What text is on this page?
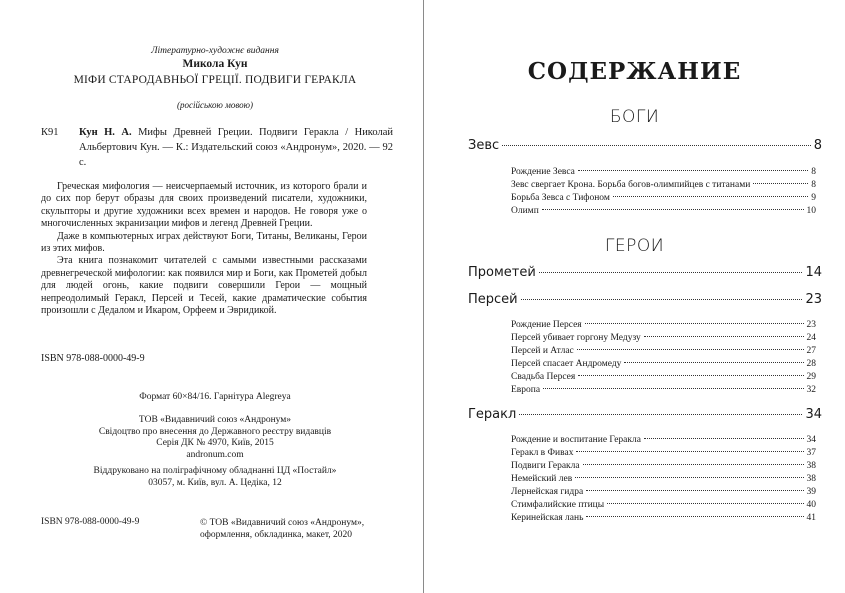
Літературно-художнє видання
Микола Кун
МІФИ СТАРОДАВНЬОЇ ГРЕЦІЇ. ПОДВИГИ ГЕРАКЛА
(російською мовою)
К91 Кун Н. А. Мифы Древней Греции. Подвиги Геракла / Николай Альбертович Кун. — К.: Издательский союз «Андронум», 2020. — 92 с.

Греческая мифология — неисчерпаемый источник, из которого брали и до сих пор берут образы для своих произведений писатели, художники, скульпторы и другие художники всех времен и народов. Не говоря уже о многочисленных экранизации мифов и легенд Древней Греции.

Даже в компьютерных играх действуют Боги, Титаны, Великаны, Герои из этих мифов.

Эта книга познакомит читателей с самыми известными рассказами древнегреческой мифологии: как появился мир и Боги, как Прометей добыл для людей огонь, какие подвиги совершили Герои — мощный непреодолимый Геракл, Персей и Тесей, какие драматические события произошли с Дедалом и Икаром, Орфеем и Эвридикой.

ISBN 978-088-0000-49-9
Формат 60×84/16. Гарнітура Alegreya
ТОВ «Видавничий союз «Андронум»
Свідоцтво про внесення до Державного реєстру видавців
Серія ДК № 4970, Київ, 2015
andronum.com
Віддруковано на поліграфічному обладнанні ЦД «Постайл»
03057, м. Київ, вул. А. Цедіка, 12
ISBN 978-088-0000-49-9	© ТОВ «Видавничий союз «Андронум»,
оформлення, обкладинка, макет, 2020
СОДЕРЖАНИЕ
БОГИ
Зевс	8
Рождение Зевса	8
Зевс свергает Крона. Борьба богов-олимпийцев с титанами	8
Борьба Зевса с Тифоном	9
Олимп	10
ГЕРОИ
Прометей	14
Персей	23
Рождение Персея	23
Персей убивает горгону Медузу	24
Персей и Атлас	27
Персей спасает Андромеду	28
Свадьба Персея	29
Европа	32
Геракл	34
Рождение и воспитание Геракла	34
Геракл в Фивах	37
Подвиги Геракла	38
Немейский лев	38
Лернейская гидра	39
Стимфалийские птицы	40
Керинейская лань	41
